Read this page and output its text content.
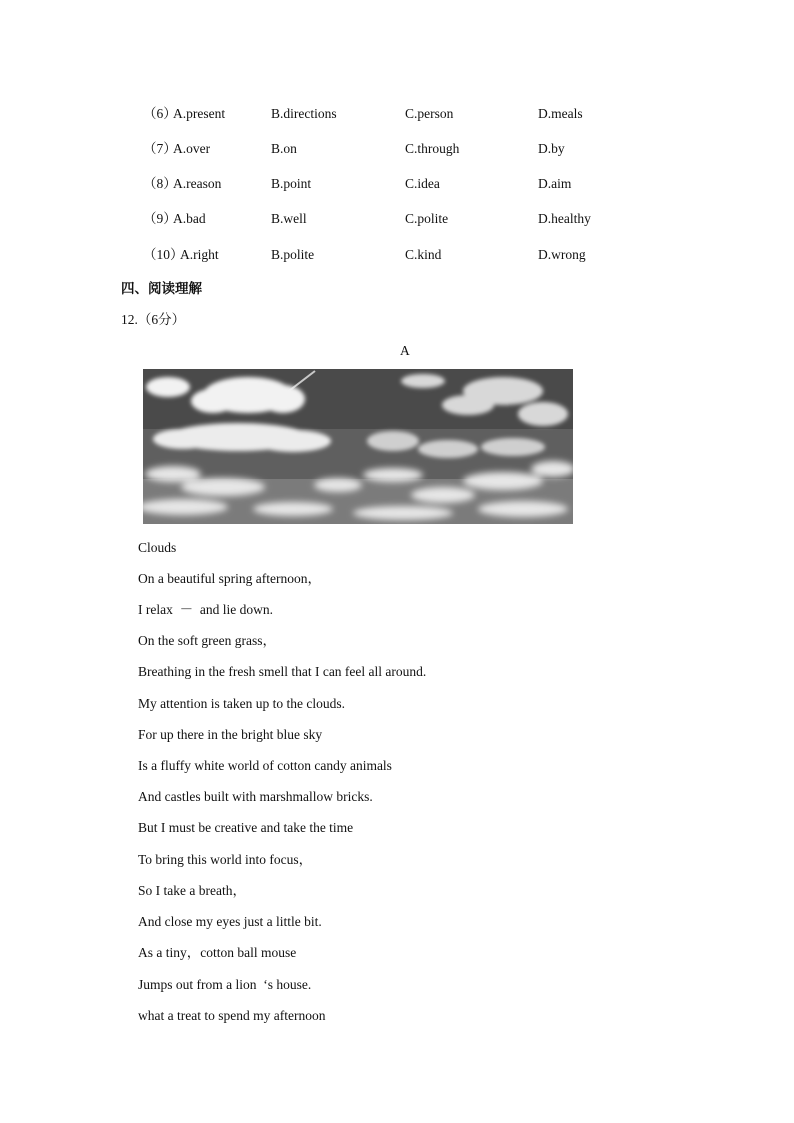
（6）
A.present	B.directions	C.person	D.meals
（7）
A.over	B.on	C.through	D.by
（8）
A.reason	B.point	C.idea	D.aim
（9）
A.bad	B.well	C.polite	D.healthy
（10）
A.right	B.polite	C.kind	D.wrong
四、阅读理解
12.（6分）
A
Clouds
On a beautiful spring afternoon，
I relax  －  and lie down.
On the soft green grass，
Breathing in the fresh smell that I can feel all around.
My attention is taken up to the clouds.
For up there in the bright blue sky
Is a fluffy white world of cotton candy animals
And castles built with marshmallow bricks.
But I must be creative and take the time
To bring this world into focus，
So I take a breath，
And close my eyes just a little bit.
As a tiny，cotton ball mouse
Jumps out from a lion  ‘s house.
what a treat to spend my afternoon
